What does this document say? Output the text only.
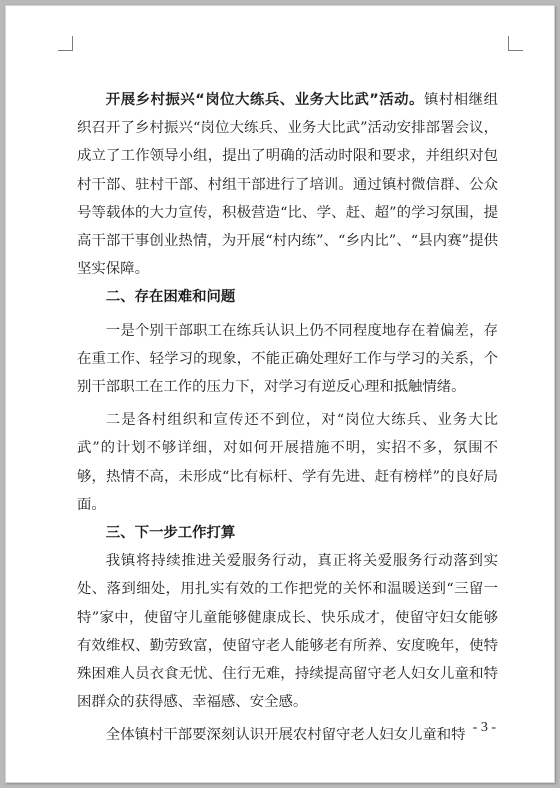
开展乡村振兴“岗位大练兵、业务大比武”活动。镇村相继组织召开了乡村振兴“岗位大练兵、业务大比武”活动安排部署会议，成立了工作领导小组，提出了明确的活动时限和要求，并组织对包村干部、驻村干部、村组干部进行了培训。通过镇村微信群、公众号等载体的大力宣传，积极营造“比、学、赶、超”的学习氛围，提高干部干事创业热情，为开展“村内练”、“乡内比”、“县内赛”提供坚实保障。

二、存在困难和问题

一是个别干部职工在练兵认识上仍不同程度地存在着偏差，存在重工作、轻学习的现象，不能正确处理好工作与学习的关系，个别干部职工在工作的压力下，对学习有逆反心理和抵触情绪。

二是各村组织和宣传还不到位，对“岗位大练兵、业务大比武”的计划不够详细，对如何开展措施不明，实招不多，氛围不够，热情不高，未形成“比有标杆、学有先进、赶有榜样”的良好局面。

三、下一步工作打算

我镇将持续推进关爱服务行动，真正将关爱服务行动落到实处、落到细处，用扎实有效的工作把党的关怀和温暖送到“三留一特”家中，使留守儿童能够健康成长、快乐成才，使留守妇女能够有效维权、勤劳致富，使留守老人能够老有所养、安度晚年，使特殊困难人员衣食无忧、住行无难，持续提高留守老人妇女儿童和特困群众的获得感、幸福感、安全感。

全体镇村干部要深刻认识开展农村留守老人妇女儿童和特 - 3 -
